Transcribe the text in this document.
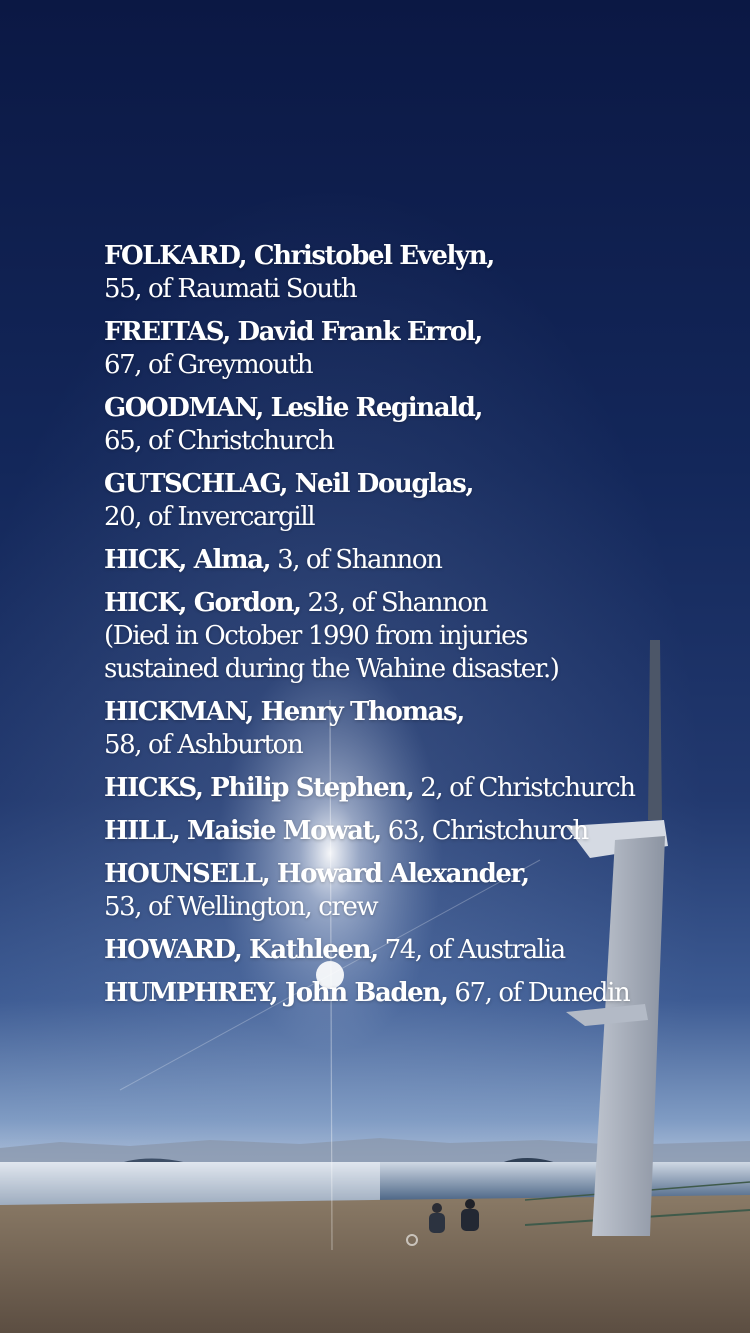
FOLKARD, Christobel Evelyn,
55, of Raumati South
FREITAS, David Frank Errol,
67, of Greymouth
GOODMAN, Leslie Reginald,
65, of Christchurch
GUTSCHLAG, Neil Douglas,
20, of Invercargill
HICK, Alma, 3, of Shannon
HICK, Gordon, 23, of Shannon
(Died in October 1990 from injuries sustained during the Wahine disaster.)
HICKMAN, Henry Thomas,
58, of Ashburton
HICKS, Philip Stephen, 2, of Christchurch
HILL, Maisie Mowat, 63, Christchurch
HOUNSELL, Howard Alexander,
53, of Wellington, crew
HOWARD, Kathleen, 74, of Australia
HUMPHREY, John Baden, 67, of Dunedin
